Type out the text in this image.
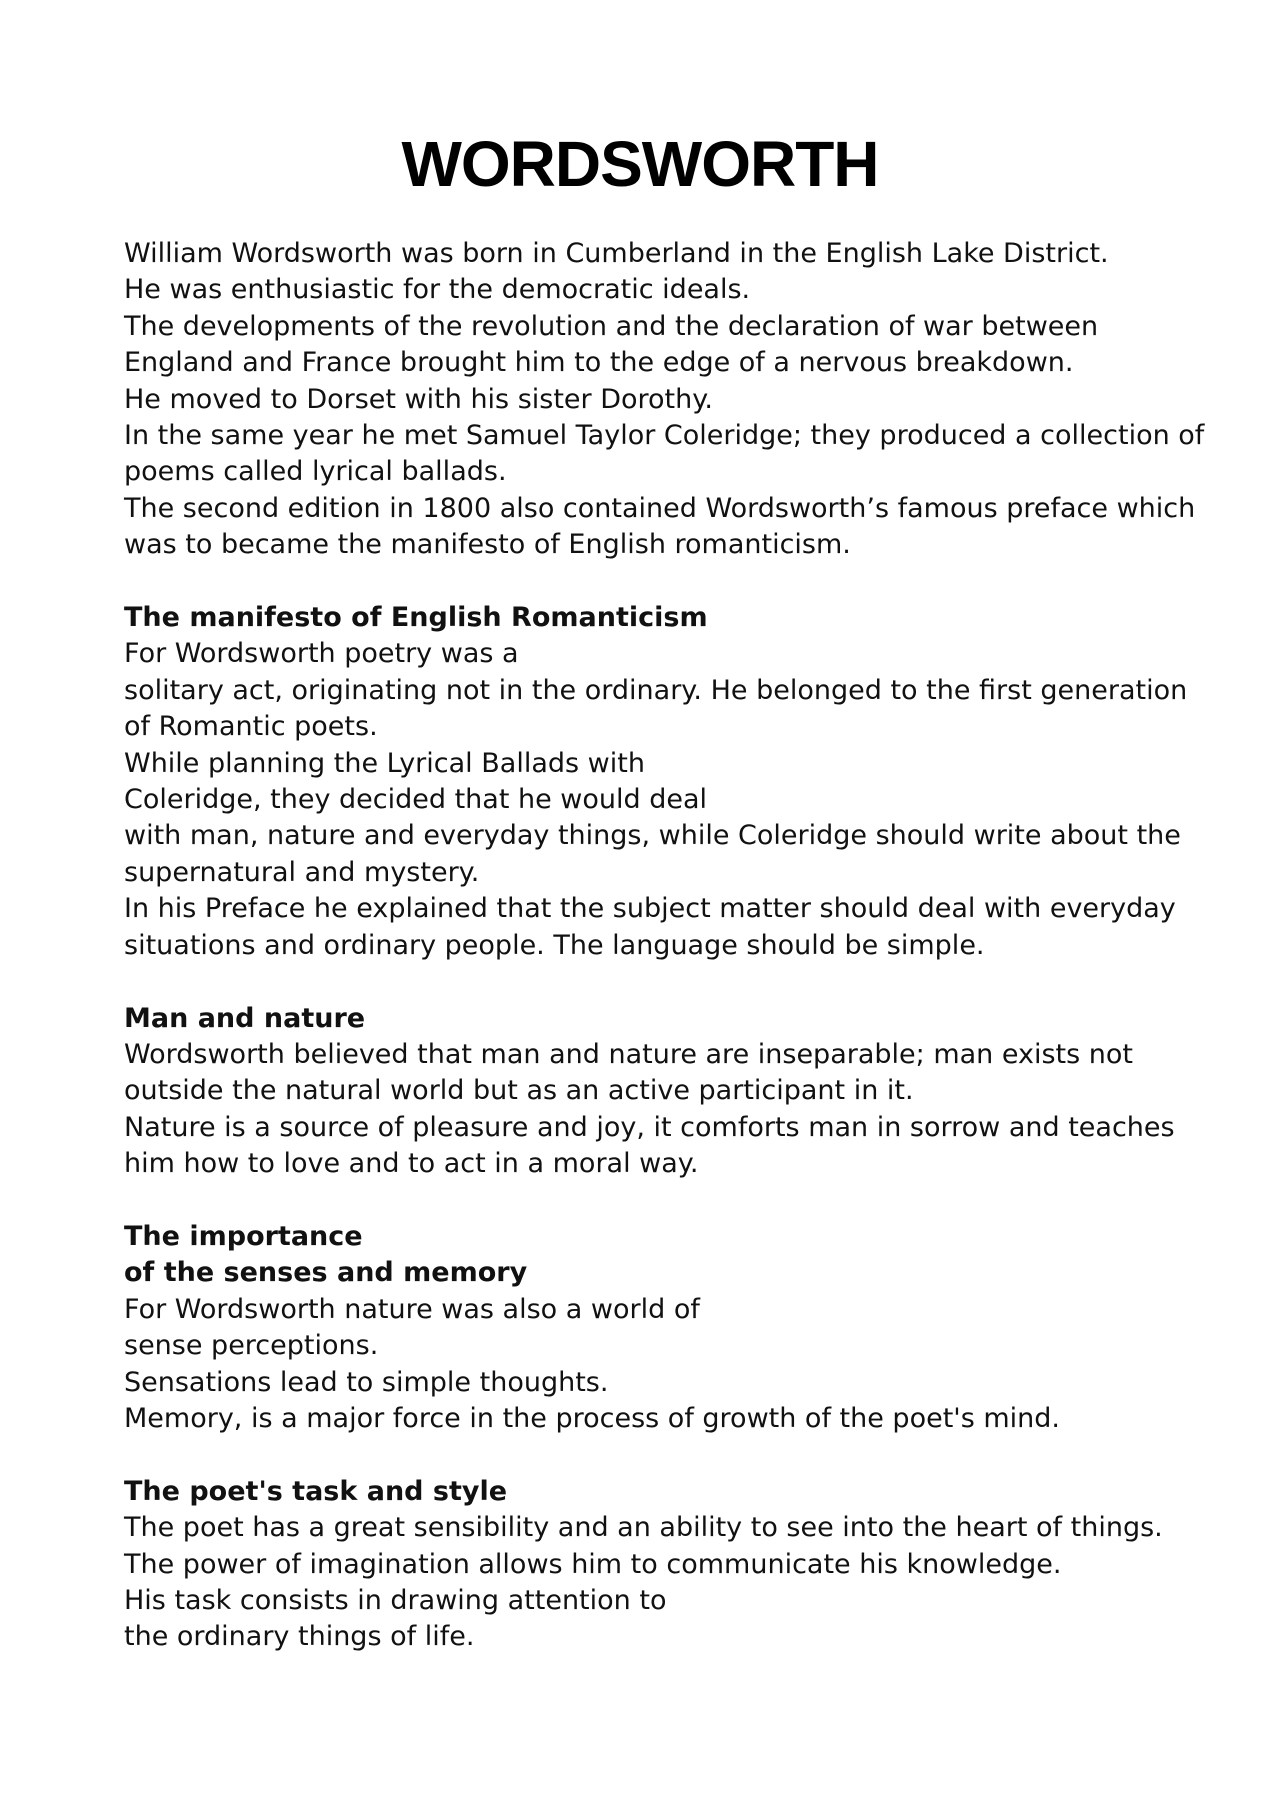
WORDSWORTH
William Wordsworth was born in Cumberland in the English Lake District.
He was enthusiastic for the democratic ideals.
The developments of the revolution and the declaration of war between
England and France brought him to the edge of a nervous breakdown.
He moved to Dorset with his sister Dorothy.
In the same year he met Samuel Taylor Coleridge; they produced a collection of
poems called lyrical ballads.
The second edition in 1800 also contained Wordsworth’s famous preface which
was to became the manifesto of English romanticism.
The manifesto of English Romanticism
For Wordsworth poetry was a
solitary act, originating not in the ordinary. He belonged to the first generation
of Romantic poets.
While planning the Lyrical Ballads with
Coleridge, they decided that he would deal
with man, nature and everyday things, while Coleridge should write about the
supernatural and mystery.
In his Preface he explained that the subject matter should deal with everyday
situations and ordinary people. The language should be simple.
Man and nature
Wordsworth believed that man and nature are inseparable; man exists not
outside the natural world but as an active participant in it.
Nature is a source of pleasure and joy, it comforts man in sorrow and teaches
him how to love and to act in a moral way.
The importance
of the senses and memory
For Wordsworth nature was also a world of
sense perceptions.
Sensations lead to simple thoughts.
Memory, is a major force in the process of growth of the poet's mind.
The poet's task and style
The poet has a great sensibility and an ability to see into the heart of things.
The power of imagination allows him to communicate his knowledge.
His task consists in drawing attention to
the ordinary things of life.
